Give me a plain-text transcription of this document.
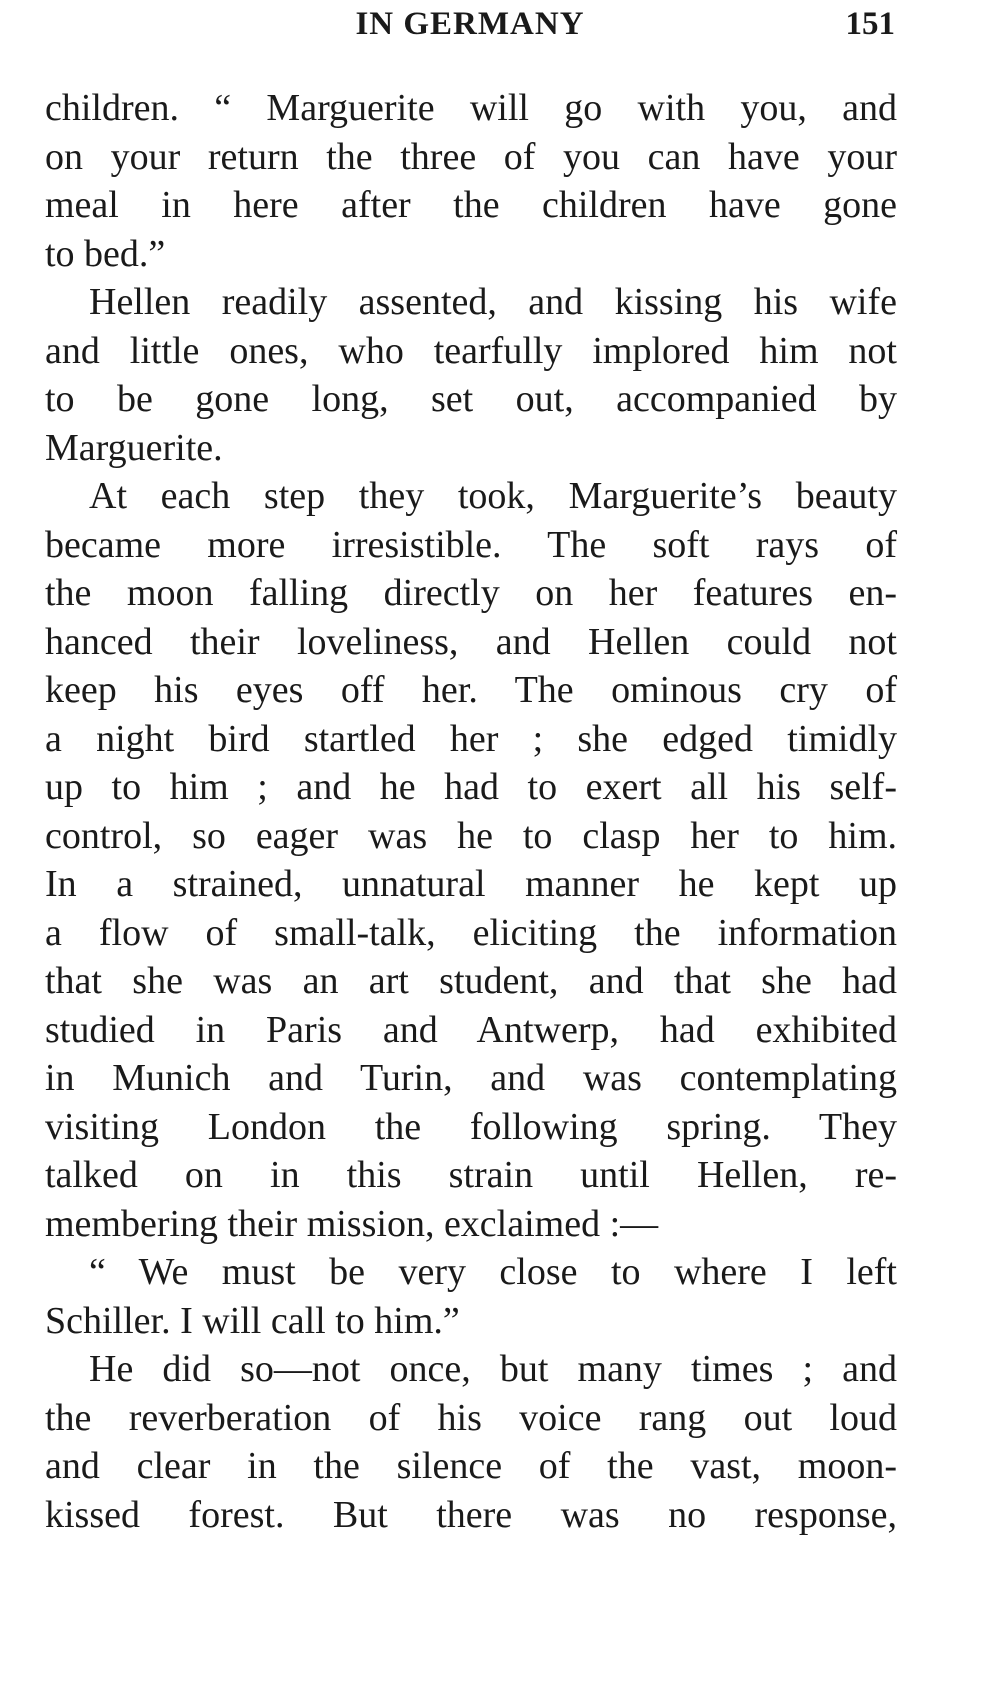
IN GERMANY	151

children. “ Marguerite will go with you, and
on your return the three of you can have your
meal in here after the children have gone
to bed.”

Hellen readily assented, and kissing his wife
and little ones, who tearfully implored him not
to be gone long, set out, accompanied by
Marguerite.

At each step they took, Marguerite’s beauty
became more irresistible. The soft rays of
the moon falling directly on her features en-
hanced their loveliness, and Hellen could not
keep his eyes off her. The ominous cry of
a night bird startled her ; she edged timidly
up to him ; and he had to exert all his self-
control, so eager was he to clasp her to him.
In a strained, unnatural manner he kept up
a flow of small-talk, eliciting the information
that she was an art student, and that she had
studied in Paris and Antwerp, had exhibited
in Munich and Turin, and was contemplating
visiting London the following spring. They
talked on in this strain until Hellen, re-
membering their mission, exclaimed :—

“ We must be very close to where I left
Schiller. I will call to him.”

He did so—not once, but many times ; and
the reverberation of his voice rang out loud
and clear in the silence of the vast, moon-
kissed forest. But there was no response,
